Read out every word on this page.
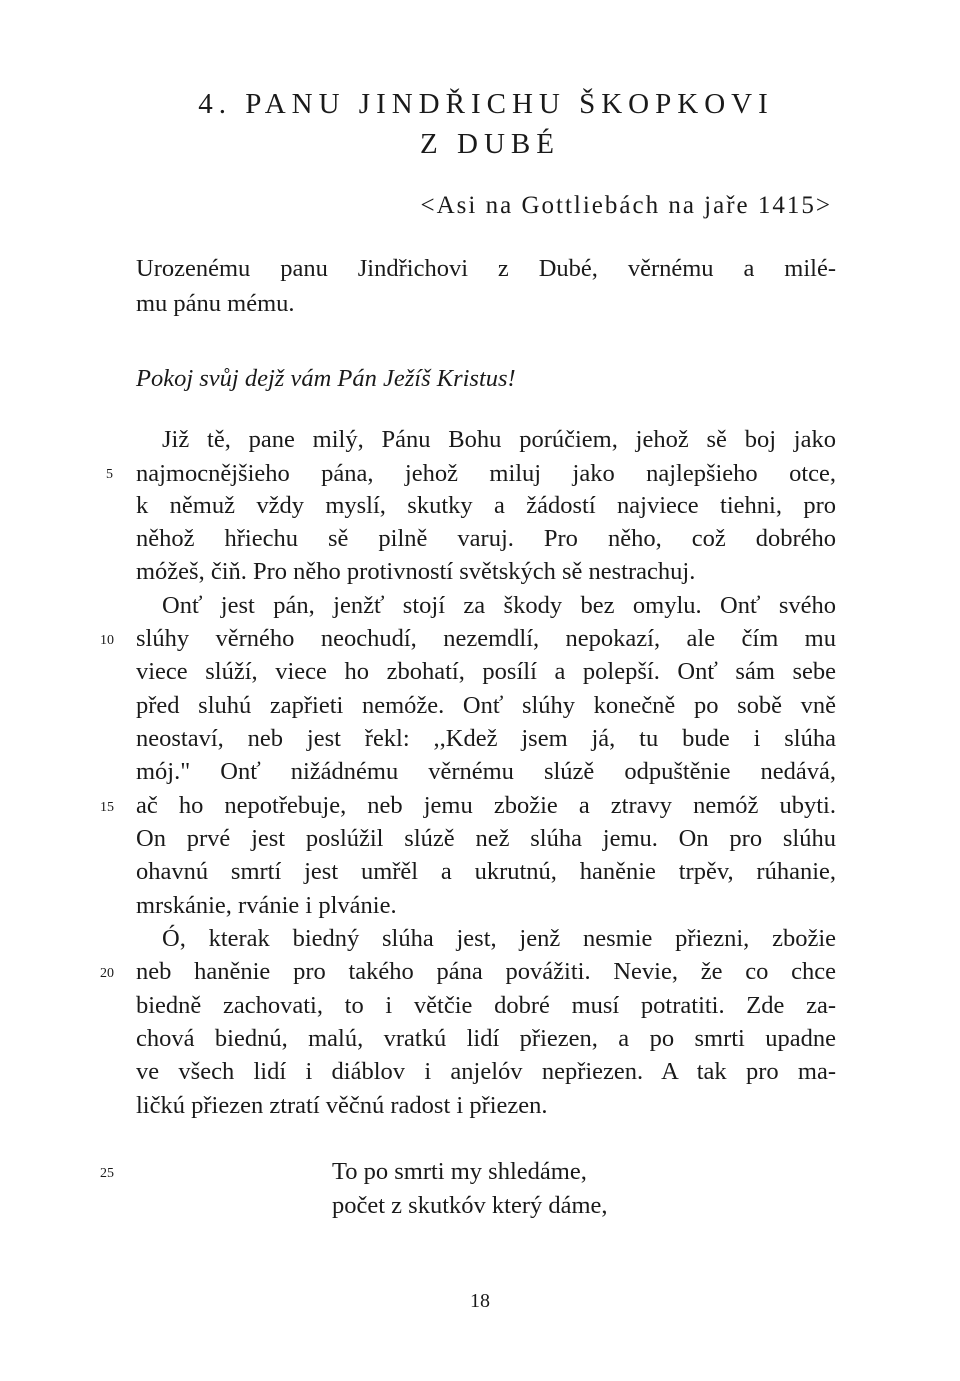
4. PANU JINDŘICHU ŠKOPKOVI
Z DUBÉ
<Asi na Gottliebách na jaře 1415>
Urozenému panu Jindřichovi z Dubé, věrnému a milé-
mu pánu mému.
Pokoj svůj dejž vám Pán Ježíš Kristus!
Již tě, pane milý, Pánu Bohu porúčiem, jehož sě boj jako
najmocnějšieho pána, jehož miluj jako najlepšieho otce,
k němuž vždy myslí, skutky a žádostí najviece tiehni, pro
něhož hřiechu sě pilně varuj. Pro něho, což dobrého
móžeš, čiň. Pro něho protivností světských sě nestrachuj.
Onť jest pán, jenžť stojí za škody bez omylu. Onť svého
slúhy věrného neochudí, nezemdlí, nepokazí, ale čím mu
viece slúží, viece ho zbohatí, posílí a polepší. Onť sám sebe
před sluhú zapřieti nemóže. Onť slúhy konečně po sobě vně
neostaví, neb jest řekl: ,,Kdež jsem já, tu bude i slúha
mój." Onť nižádnému věrnému slúzě odpuštěnie nedává,
ač ho nepotřebuje, neb jemu zbožie a ztravy nemóž ubyti.
On prvé jest poslúžil slúzě než slúha jemu. On pro slúhu
ohavnú smrtí jest umřěl a ukrutnú, haněnie trpěv, rúhanie,
mrskánie, rvánie i plvánie.
Ó, kterak biedný slúha jest, jenž nesmie přiezni, zbožie
neb haněnie pro takého pána povážiti. Nevie, že co chce
biedně zachovati, to i větčie dobré musí potratiti. Zde za-
chová biednú, malú, vratkú lidí přiezen, a po smrti upadne
ve všech lidí i diáblov i anjelóv nepřiezen. A tak pro ma-
ličkú přiezen ztratí věčnú radost i přiezen.
To po smrti my shledáme,
počet z skutkóv který dáme,
5
10
15
20
25
18
